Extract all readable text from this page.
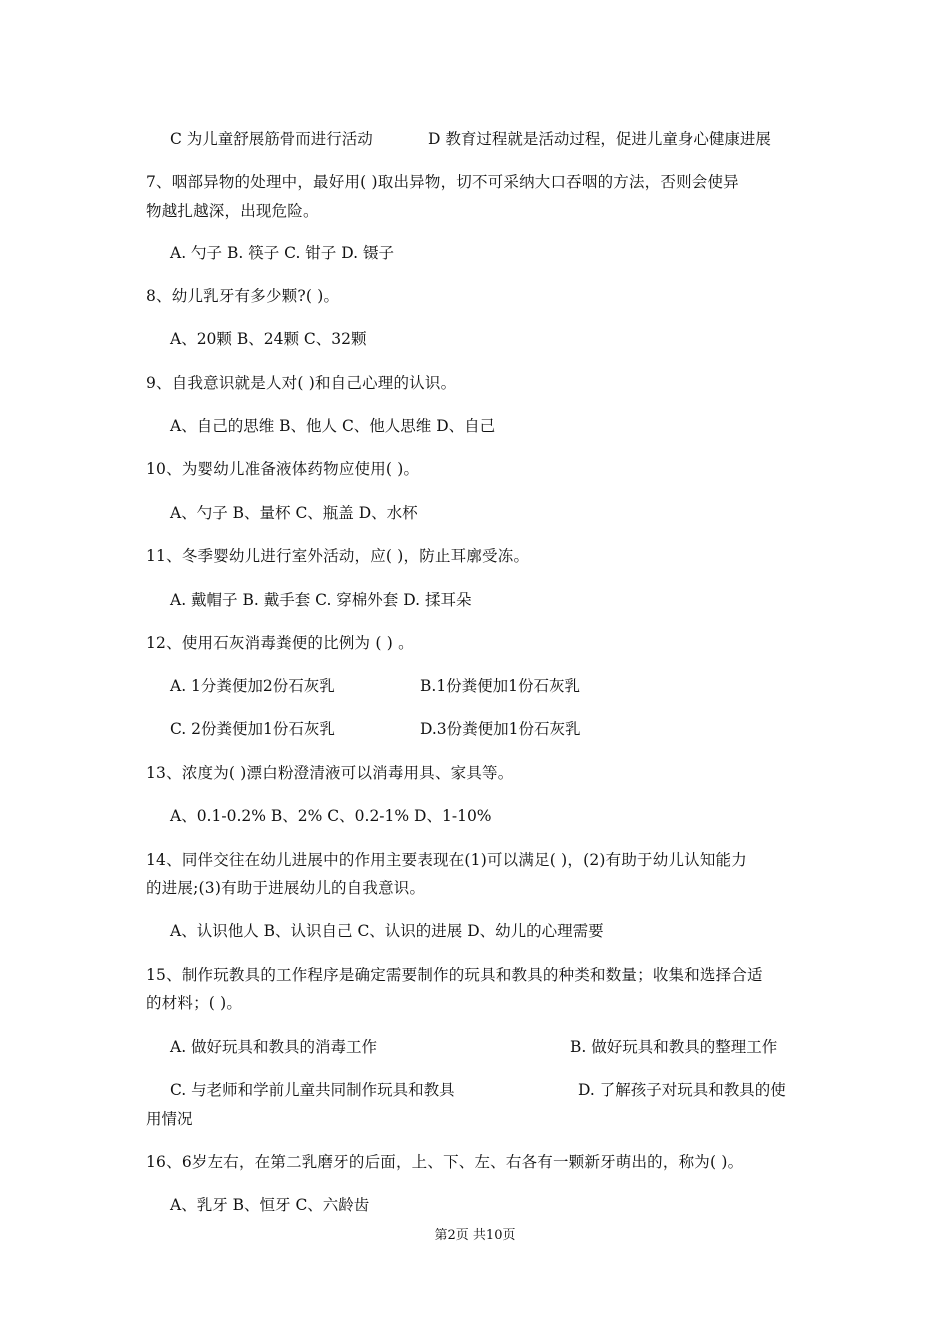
C 为儿童舒展筋骨而进行活动	D 教育过程就是活动过程，促进儿童身心健康进展
7、咽部异物的处理中，最好用( )取出异物，切不可采纳大口吞咽的方法，否则会使异
物越扎越深，出现危险。
A. 勺子 B. 筷子 C. 钳子 D. 镊子
8、幼儿乳牙有多少颗?( )。
A、20颗 B、24颗 C、32颗
9、自我意识就是人对( )和自己心理的认识。
A、自己的思维 B、他人 C、他人思维 D、自己
10、为婴幼儿准备液体药物应使用( )。
A、勺子 B、量杯 C、瓶盖 D、水杯
11、冬季婴幼儿进行室外活动，应( )，防止耳廓受冻。
A. 戴帽子 B. 戴手套 C. 穿棉外套 D. 揉耳朵
12、使用石灰消毒粪便的比例为 ( ) 。
A. 1分粪便加2份石灰乳	B.1份粪便加1份石灰乳
C. 2份粪便加1份石灰乳	D.3份粪便加1份石灰乳
13、浓度为( )漂白粉澄清液可以消毒用具、家具等。
A、0.1-0.2% B、2% C、0.2-1% D、1-10%
14、同伴交往在幼儿进展中的作用主要表现在(1)可以满足( )，(2)有助于幼儿认知能力
的进展;(3)有助于进展幼儿的自我意识。
A、认识他人 B、认识自己 C、认识的进展 D、幼儿的心理需要
15、制作玩教具的工作程序是确定需要制作的玩具和教具的种类和数量；收集和选择合适
的材料；( )。
A. 做好玩具和教具的消毒工作	B. 做好玩具和教具的整理工作
C. 与老师和学前儿童共同制作玩具和教具	D. 了解孩子对玩具和教具的使
用情况
16、6岁左右，在第二乳磨牙的后面，上、下、左、右各有一颗新牙萌出的，称为( )。
A、乳牙 B、恒牙 C、六龄齿
第2页 共10页
